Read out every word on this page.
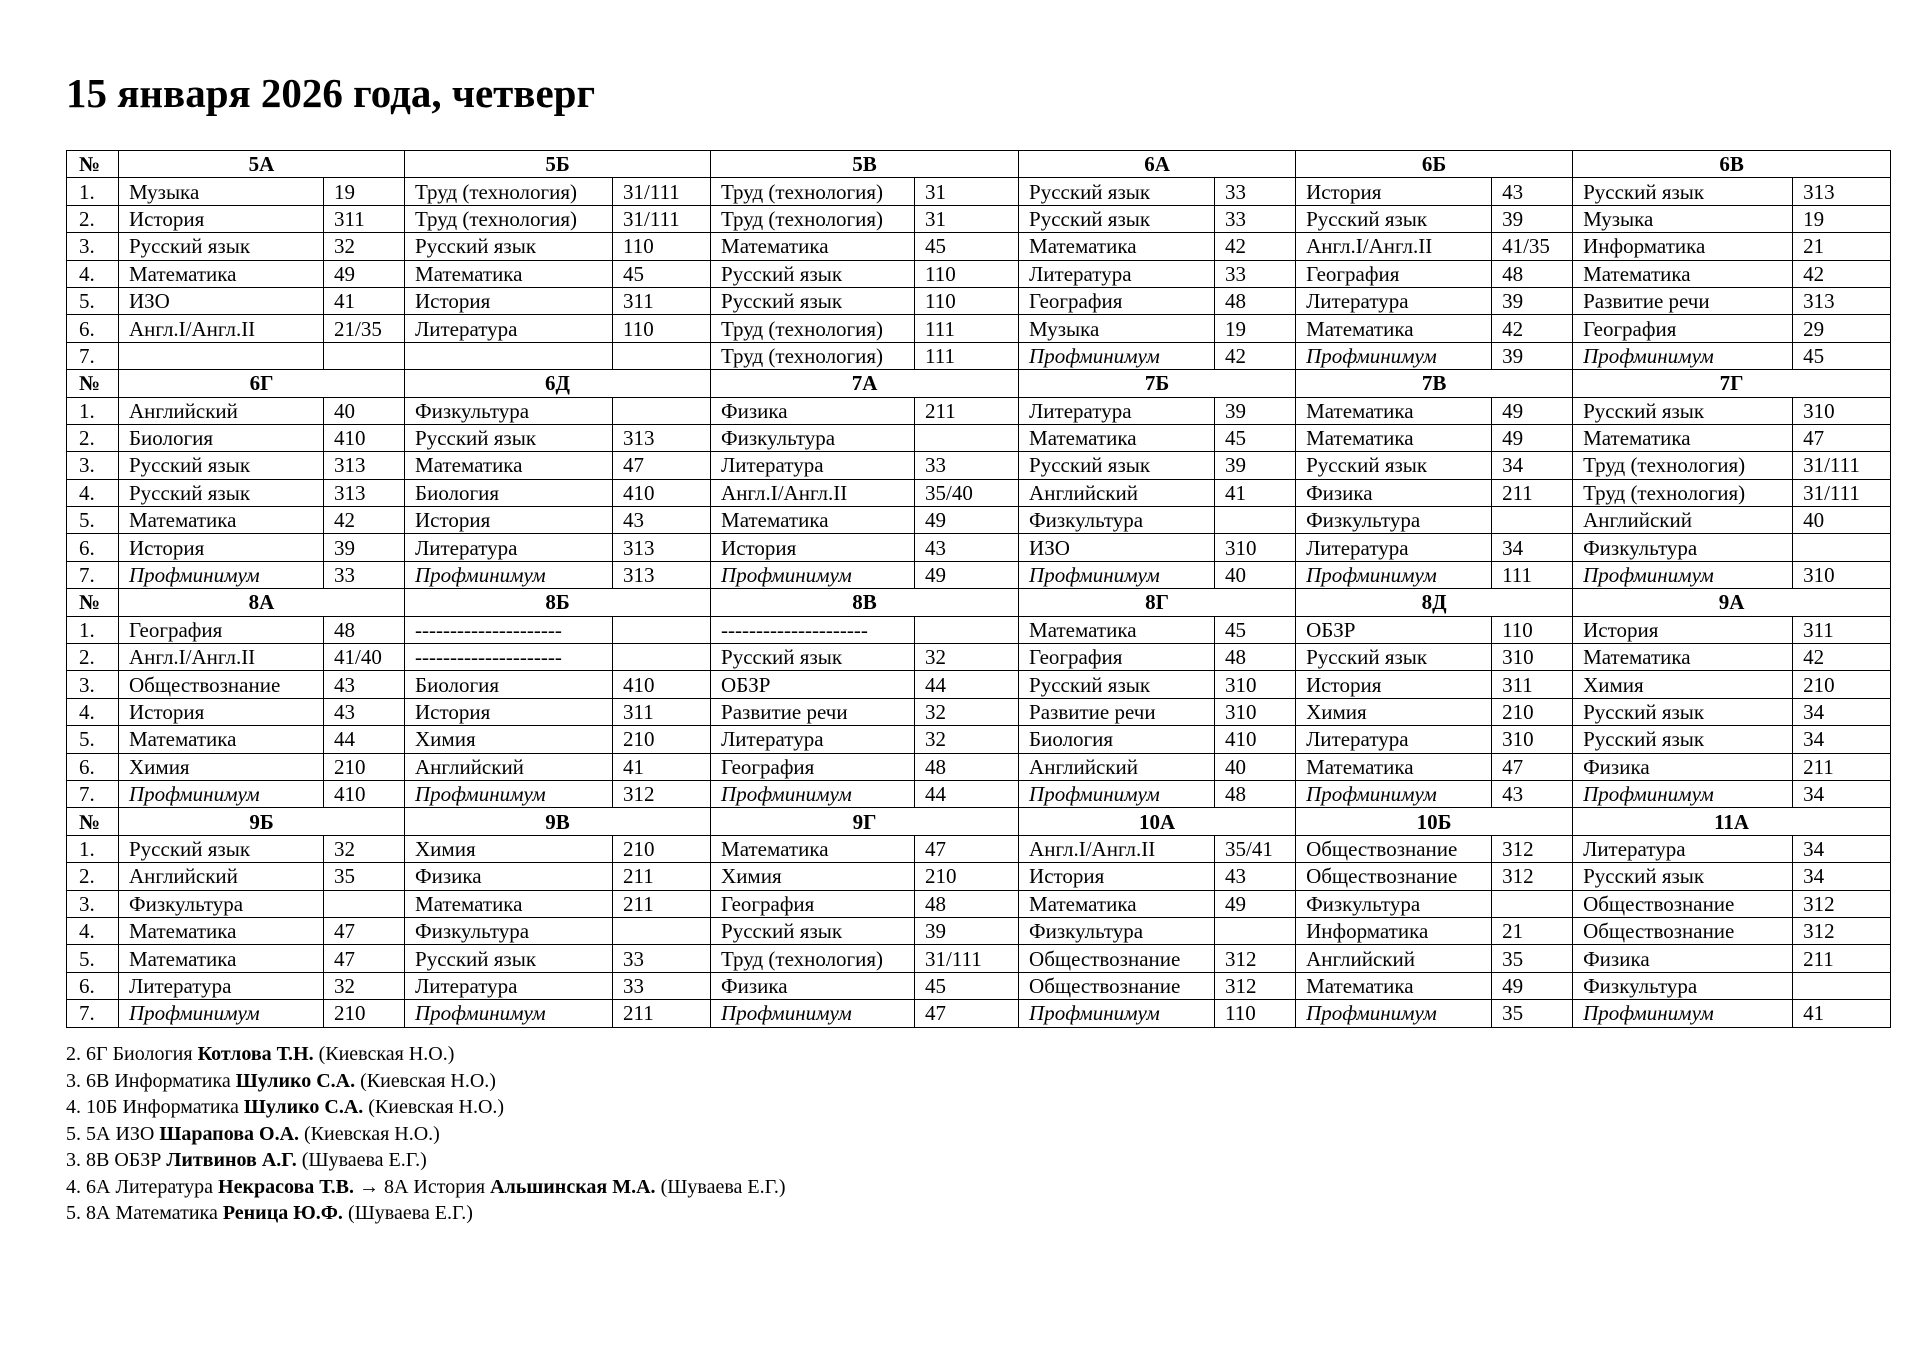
15 января 2026 года, четверг
№	5А		5Б		5В		6А		6Б		6В	
1.	Музыка	19	Труд (технология)	31/111	Труд (технология)	31	Русский язык	33	История	43	Русский язык	313
2.	История	311	Труд (технология)	31/111	Труд (технология)	31	Русский язык	33	Русский язык	39	Музыка	19
3.	Русский язык	32	Русский язык	110	Математика	45	Математика	42	Англ.I/Англ.II	41/35	Информатика	21
4.	Математика	49	Математика	45	Русский язык	110	Литература	33	География	48	Математика	42
5.	ИЗО	41	История	311	Русский язык	110	География	48	Литература	39	Развитие речи	313
6.	Англ.I/Англ.II	21/35	Литература	110	Труд (технология)	111	Музыка	19	Математика	42	География	29
7.					Труд (технология)	111	Профминимум	42	Профминимум	39	Профминимум	45
№	6Г		6Д		7А		7Б		7В		7Г	
1.	Английский	40	Физкультура		Физика	211	Литература	39	Математика	49	Русский язык	310
2.	Биология	410	Русский язык	313	Физкультура		Математика	45	Математика	49	Математика	47
3.	Русский язык	313	Математика	47	Литература	33	Русский язык	39	Русский язык	34	Труд (технология)	31/111
4.	Русский язык	313	Биология	410	Англ.I/Англ.II	35/40	Английский	41	Физика	211	Труд (технология)	31/111
5.	Математика	42	История	43	Математика	49	Физкультура		Физкультура		Английский	40
6.	История	39	Литература	313	История	43	ИЗО	310	Литература	34	Физкультура	
7.	Профминимум	33	Профминимум	313	Профминимум	49	Профминимум	40	Профминимум	111	Профминимум	310
№	8А		8Б		8В		8Г		8Д		9А	
1.	География	48	---------------------		---------------------		Математика	45	ОБЗР	110	История	311
2.	Англ.I/Англ.II	41/40	---------------------		Русский язык	32	География	48	Русский язык	310	Математика	42
3.	Обществознание	43	Биология	410	ОБЗР	44	Русский язык	310	История	311	Химия	210
4.	История	43	История	311	Развитие речи	32	Развитие речи	310	Химия	210	Русский язык	34
5.	Математика	44	Химия	210	Литература	32	Биология	410	Литература	310	Русский язык	34
6.	Химия	210	Английский	41	География	48	Английский	40	Математика	47	Физика	211
7.	Профминимум	410	Профминимум	312	Профминимум	44	Профминимум	48	Профминимум	43	Профминимум	34
№	9Б		9В		9Г		10А		10Б		11А	
1.	Русский язык	32	Химия	210	Математика	47	Англ.I/Англ.II	35/41	Обществознание	312	Литература	34
2.	Английский	35	Физика	211	Химия	210	История	43	Обществознание	312	Русский язык	34
3.	Физкультура		Математика	211	География	48	Математика	49	Физкультура		Обществознание	312
4.	Математика	47	Физкультура		Русский язык	39	Физкультура		Информатика	21	Обществознание	312
5.	Математика	47	Русский язык	33	Труд (технология)	31/111	Обществознание	312	Английский	35	Физика	211
6.	Литература	32	Литература	33	Физика	45	Обществознание	312	Математика	49	Физкультура	
7.	Профминимум	210	Профминимум	211	Профминимум	47	Профминимум	110	Профминимум	35	Профминимум	41
2. 6Г Биология Котлова Т.Н. (Киевская Н.О.)
3. 6В Информатика Шулико С.А. (Киевская Н.О.)
4. 10Б Информатика Шулико С.А. (Киевская Н.О.)
5. 5А ИЗО Шарапова О.А. (Киевская Н.О.)
3. 8В ОБЗР Литвинов А.Г. (Шуваева Е.Г.)
4. 6А Литература Некрасова Т.В. → 8А История Альшинская М.А. (Шуваева Е.Г.)
5. 8А Математика Реница Ю.Ф. (Шуваева Е.Г.)
